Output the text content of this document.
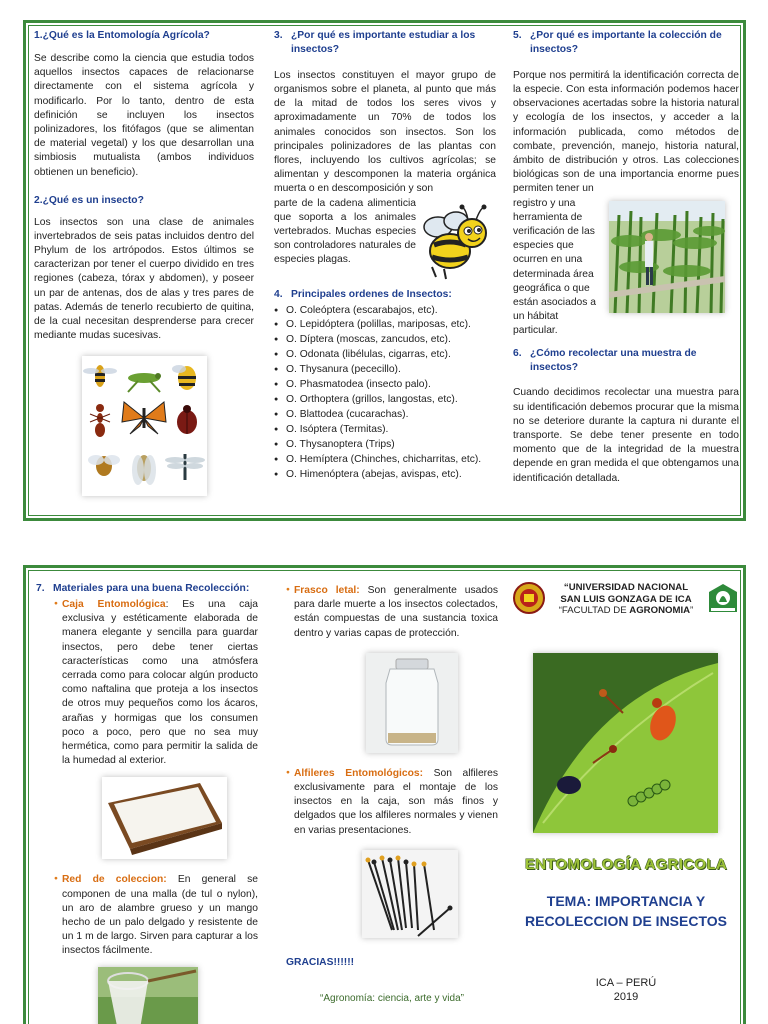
1.¿Qué es la Entomología Agrícola?

Se describe como la ciencia que estudia todos aquellos insectos capaces de relacionarse directamente con el sistema agrícola y modificarlo. Por lo tanto, dentro de esta definición se incluyen los insectos polinizadores, los fitófagos (que se alimentan de material vegetal) y los que desarrollan una simbiosis mutualista (ambos individuos obtienen un beneficio).

2.¿Qué es un insecto?

Los insectos son una clase de animales invertebrados de seis patas incluidos dentro del Phylum de los artrópodos. Estos últimos se caracterizan por tener el cuerpo dividido en tres regiones (cabeza, tórax y abdomen), y poseer un par de antenas, dos de alas y tres pares de patas. Además de tenerlo recubierto de quitina, de la cual necesitan desprenderse para crecer mediante mudas sucesivas.

3. ¿Por qué es importante estudiar a los insectos?

Los insectos constituyen el mayor grupo de organismos sobre el planeta, al punto que más de la mitad de todos los seres vivos y aproximadamente un 70% de todos los animales conocidos son insectos. Son los principales polinizadores de las plantas con flores, incluyendo los cultivos agrícolas; se alimentan y descomponen la materia orgánica muerta o en descomposición y son

parte de la cadena alimenticia que soporta a los animales vertebrados. Muchas especies son controladores naturales de especies plagas.

4. Principales ordenes de Insectos:
● O. Coleóptera (escarabajos, etc).
● O. Lepidóptera (polillas, mariposas, etc).
● O. Díptera (moscas, zancudos, etc).
● O. Odonata (libélulas, cigarras, etc).
● O. Thysanura (pececillo).
● O. Phasmatodea (insecto palo).
● O. Orthoptera (grillos, langostas, etc).
● O. Blattodea (cucarachas).
● O. Isóptera (Termitas).
● O. Thysanoptera (Trips)
● O. Hemíptera (Chinches, chicharritas, etc).
● O. Himenóptera (abejas, avispas, etc).
5. ¿Por qué es importante la colección de insectos?

Porque nos permitirá la identificación correcta de la especie. Con esta información podemos hacer observaciones acertadas sobre la historia natural y ecología de los insectos, y acceder a la información publicada, como métodos de combate, prevención, manejo, historia natural, ámbito de distribución y otros. Las colecciones biológicas son de una importancia enorme pues permiten tener un

registro y una herramienta de verificación de las especies que ocurren en una determinada área geográfica o que están asociados a un hábitat particular.

6. ¿Cómo recolectar una muestra de insectos?

Cuando decidimos recolectar una muestra para su identificación debemos procurar que la misma no se deteriore durante la captura ni durante el transporte. Se debe tener presente en todo momento que de la integridad de la muestra depende en gran medida el que obtengamos una identificación detallada.

7. Materiales para una buena Recolección:

● Caja Entomológica: Es una caja exclusiva y estéticamente elaborada de manera elegante y sencilla para guardar insectos, pero debe tener ciertas características como una atmósfera cerrada como para colocar algún producto como naftalina que proteja a los insectos de otros muy pequeños como los ácaros, arañas y hormigas que los consumen poco a poco, pero que no sea muy hermética, como para permitir la salida de la humedad al exterior.

● Red de coleccion: En general se componen de una malla (de tul o nylon), un aro de alambre grueso y un mango hecho de un palo delgado y resistente de un 1 m de largo. Sirven para capturar a los insectos fácilmente.

● Frasco letal: Son generalmente usados para darle muerte a los insectos colectados, están compuestas de una sustancia toxica dentro y varias capas de protección.

● Alfileres Entomológicos: Son alfileres exclusivamente para el montaje de los insectos en la caja, son más finos y delgados que los alfileres normales y vienen en varias presentaciones.

GRACIAS!!!!!!

“Agronomía: ciencia, arte y vida”

“UNIVERSIDAD NACIONAL
SAN LUIS GONZAGA DE ICA
“FACULTAD DE AGRONOMIA”
ENTOMOLOGÍA AGRICOLA
TEMA: IMPORTANCIA Y RECOLECCION DE INSECTOS
ICA – PERÚ
2019
